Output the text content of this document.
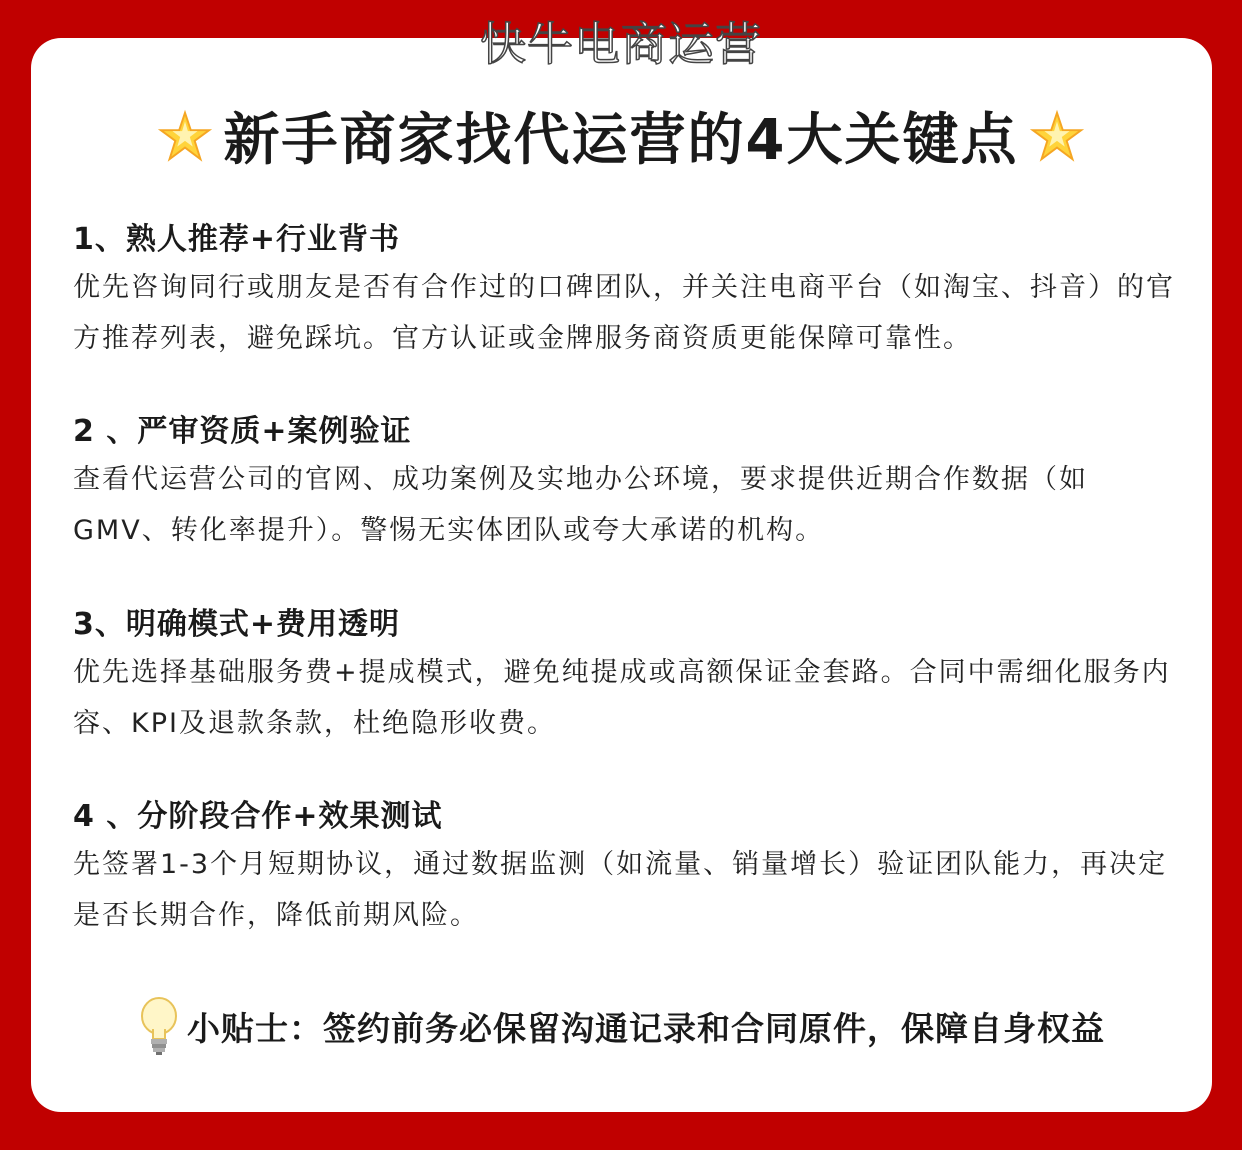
快牛电商运营
新手商家找代运营的4大关键点
1、熟人推荐+行业背书
优先咨询同行或朋友是否有合作过的口碑团队，并关注电商平台（如淘宝、抖音）的官方推荐列表，避免踩坑。官方认证或金牌服务商资质更能保障可靠性。
2 、严审资质+案例验证
查看代运营公司的官网、成功案例及实地办公环境，要求提供近期合作数据（如GMV、转化率提升）。警惕无实体团队或夸大承诺的机构。
3、明确模式+费用透明
优先选择基础服务费+提成模式，避免纯提成或高额保证金套路。合同中需细化服务内容、KPI及退款条款，杜绝隐形收费。
4 、分阶段合作+效果测试
先签署1-3个月短期协议，通过数据监测（如流量、销量增长）验证团队能力，再决定是否长期合作，降低前期风险。
小贴士：签约前务必保留沟通记录和合同原件，保障自身权益
